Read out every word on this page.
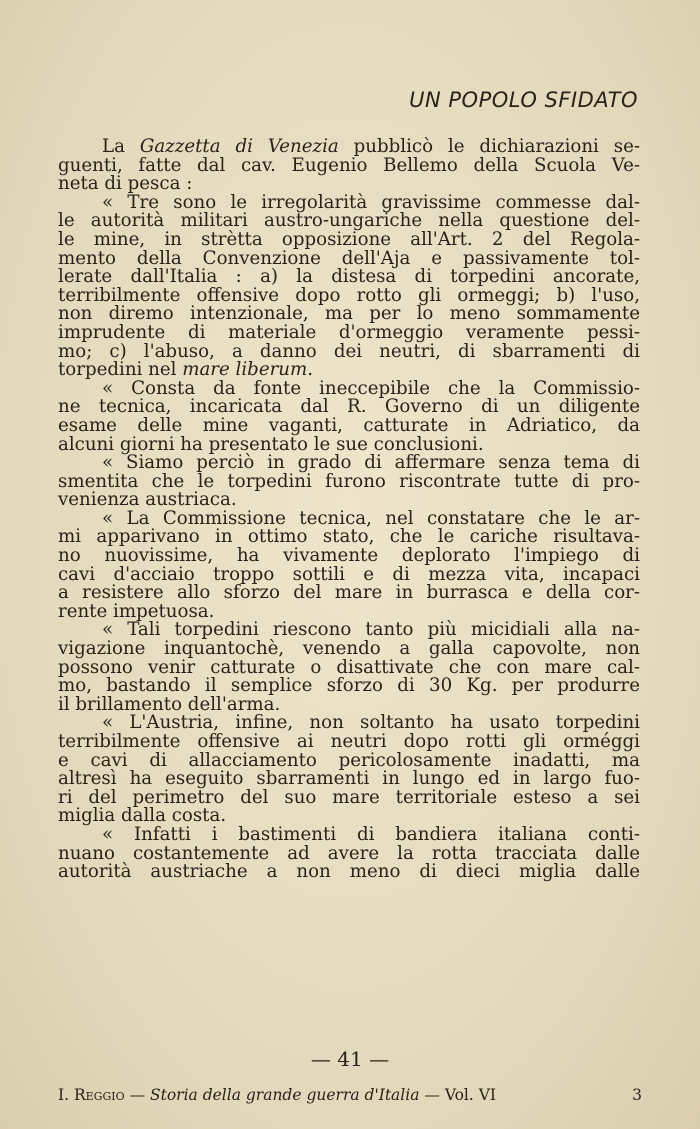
UN POPOLO SFIDATO

La Gazzetta di Venezia pubblicò le dichiarazioni se-

guenti, fatte dal cav. Eugenio Bellemo della Scuola Ve-

neta di pesca :

« Tre sono le irregolarità gravissime commesse dal-

le autorità militari austro-ungariche nella questione del-

le mine, in strètta opposizione all'Art. 2 del Regola-

mento della Convenzione dell'Aja e passivamente tol-

lerate dall'Italia : a) la distesa di torpedini ancorate,

terribilmente offensive dopo rotto gli ormeggi; b) l'uso,

non diremo intenzionale, ma per lo meno sommamente

imprudente di materiale d'ormeggio veramente pessi-

mo; c) l'abuso, a danno dei neutri, di sbarramenti di

torpedini nel mare liberum.

« Consta da fonte ineccepibile che la Commissio-

ne tecnica, incaricata dal R. Governo di un diligente

esame delle mine vaganti, catturate in Adriatico, da

alcuni giorni ha presentato le sue conclusioni.

« Siamo perciò in grado di affermare senza tema di

smentita che le torpedini furono riscontrate tutte di pro-

venienza austriaca.

« La Commissione tecnica, nel constatare che le ar-

mi apparivano in ottimo stato, che le cariche risultava-

no nuovissime, ha vivamente deplorato l'impiego di

cavi d'acciaio troppo sottili e di mezza vita, incapaci

a resistere allo sforzo del mare in burrasca e della cor-

rente impetuosa.

« Tali torpedini riescono tanto più micidiali alla na-

vigazione inquantochè, venendo a galla capovolte, non

possono venir catturate o disattivate che con mare cal-

mo, bastando il semplice sforzo di 30 Kg. per produrre

il brillamento dell'arma.

« L'Austria, infine, non soltanto ha usato torpedini

terribilmente offensive ai neutri dopo rotti gli orméggi

e cavi di allacciamento pericolosamente inadatti, ma

altresì ha eseguito sbarramenti in lungo ed in largo fuo-

ri del perimetro del suo mare territoriale esteso a sei

miglia dalla costa.

« Infatti i bastimenti di bandiera italiana conti-

nuano costantemente ad avere la rotta tracciata dalle

autorità austriache a non meno di dieci miglia dalle

— 41 —
I. Reggio — Storia della grande guerra d'Italia — Vol. VI	3
